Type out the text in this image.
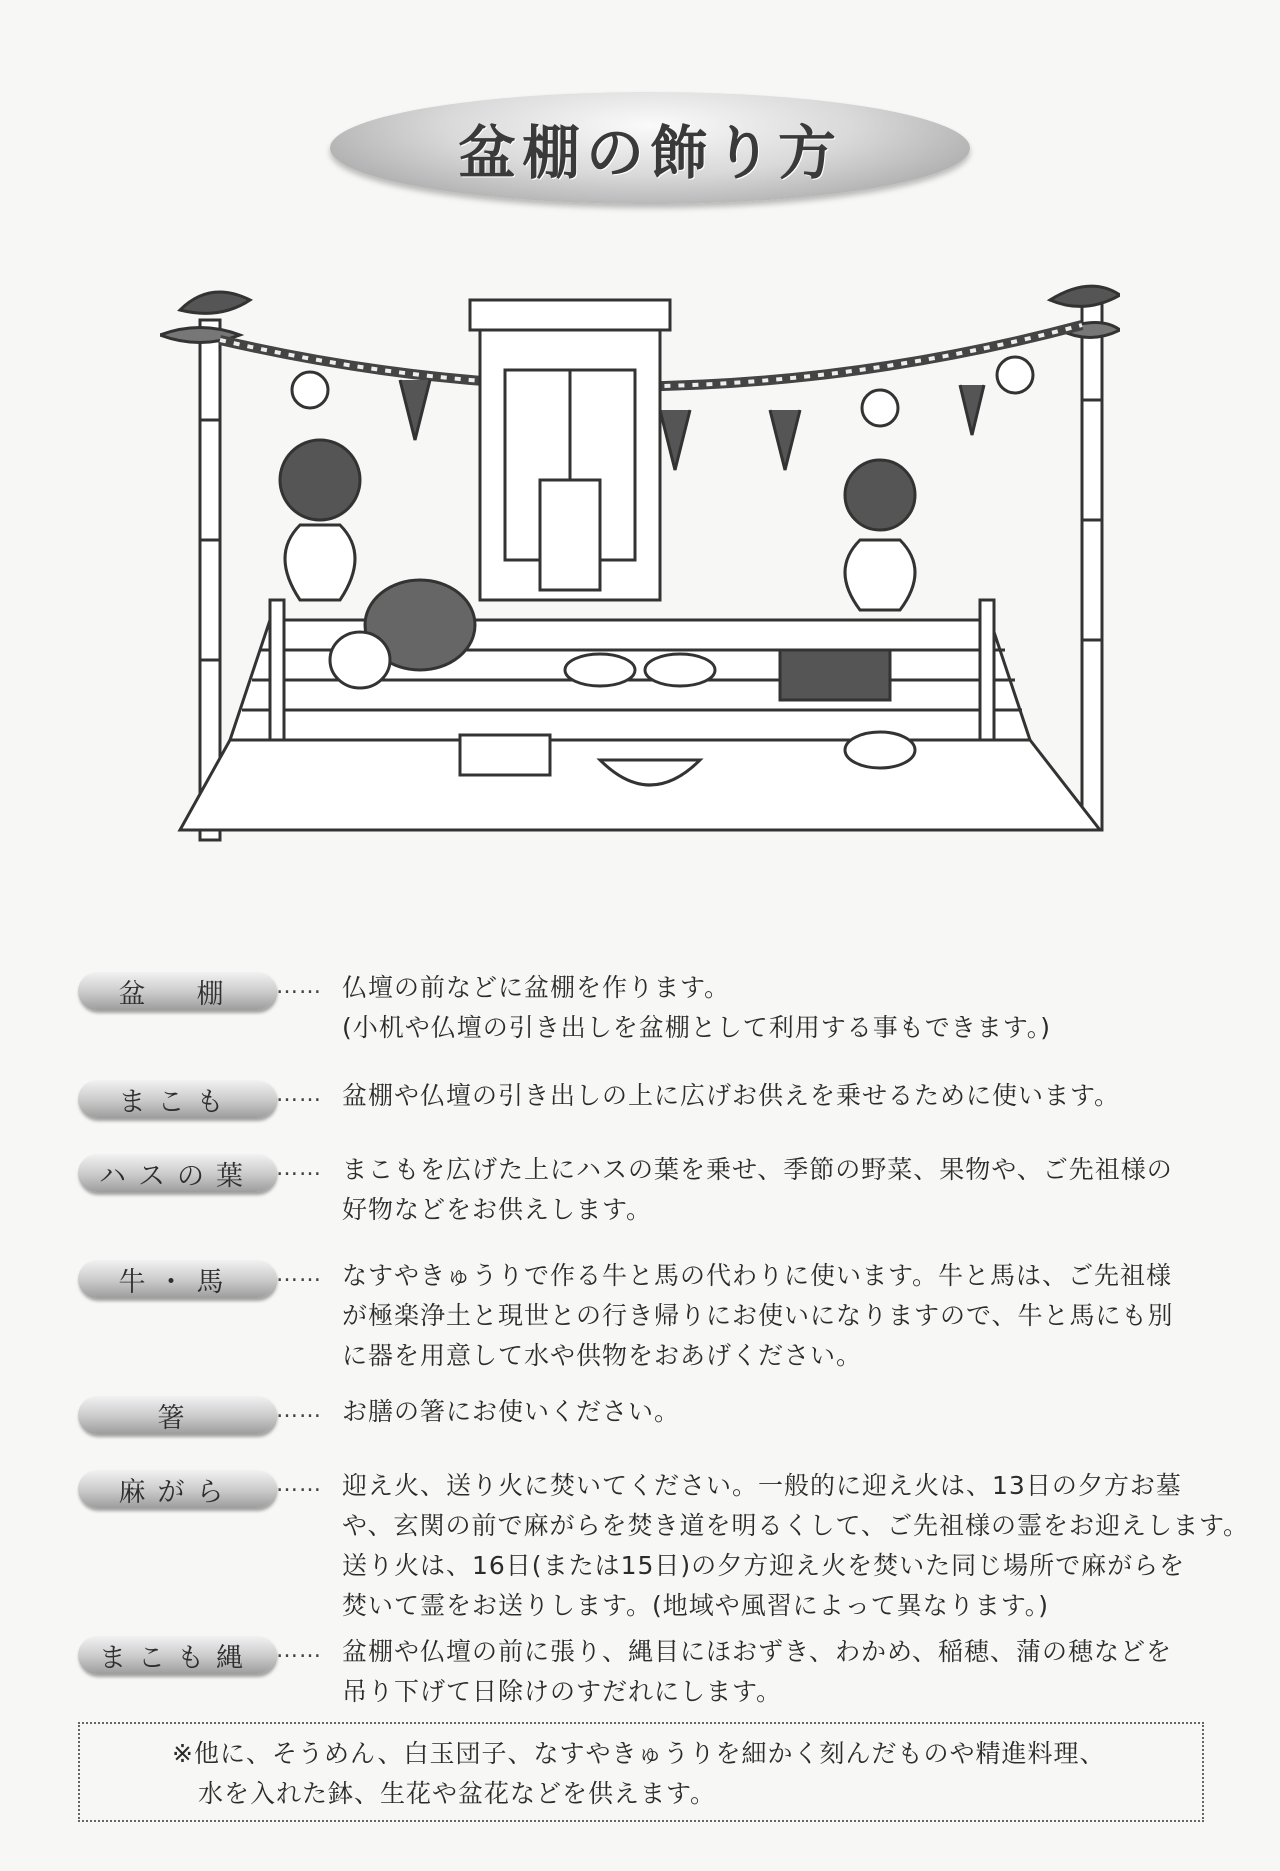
盆棚の飾り方
盆　棚	…… 仏壇の前などに盆棚を作ります。
(小机や仏壇の引き出しを盆棚として利用する事もできます。)
まこも	…… 盆棚や仏壇の引き出しの上に広げお供えを乗せるために使います。
ハスの葉 …… まこもを広げた上にハスの葉を乗せ、季節の野菜、果物や、ご先祖様の
好物などをお供えします。
牛・馬	…… なすやきゅうりで作る牛と馬の代わりに使います。牛と馬は、ご先祖様
が極楽浄土と現世との行き帰りにお使いになりますので、牛と馬にも別
に器を用意して水や供物をおあげください。
箸	…… お膳の箸にお使いください。
麻がら	…… 迎え火、送り火に焚いてください。一般的に迎え火は、13日の夕方お墓
や、玄関の前で麻がらを焚き道を明るくして、ご先祖様の霊をお迎えします。
送り火は、16日(または15日)の夕方迎え火を焚いた同じ場所で麻がらを
焚いて霊をお送りします。(地域や風習によって異なります。)
まこも縄 …… 盆棚や仏壇の前に張り、縄目にほおずき、わかめ、稲穂、蒲の穂などを
吊り下げて日除けのすだれにします。
※他に、そうめん、白玉団子、なすやきゅうりを細かく刻んだものや精進料理、
　水を入れた鉢、生花や盆花などを供えます。
